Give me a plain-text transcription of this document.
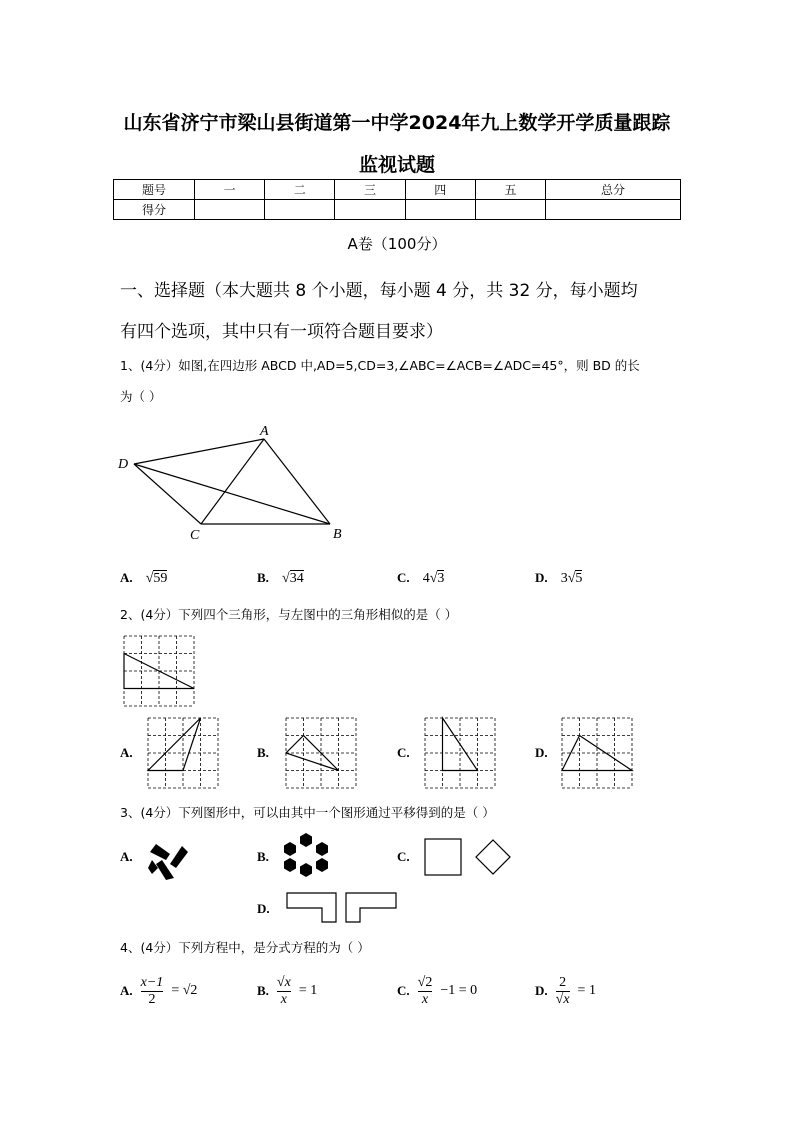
山东省济宁市梁山县街道第一中学2024年九上数学开学质量跟踪
监视试题
题号	一	二	三	四	五	总分
得分						
A卷（100分）
一、选择题（本大题共 8 个小题，每小题 4 分，共 32 分，每小题均
有四个选项，其中只有一项符合题目要求）
1、(4分）如图,在四边形 ABCD 中,AD=5,CD=3,∠ABC=∠ACB=∠ADC=45°，则 BD 的长
为（ ）
A
B
C
D
A. √59	B. √34	C. 4√3	D. 3√5
2、(4分）下列四个三角形，与左图中的三角形相似的是（ ）
A.	B.	C.	D.
3、(4分）下列图形中，可以由其中一个图形通过平移得到的是（ ）
A.	B.	C.
D.
4、(4分）下列方程中，是分式方程的为（ ）
A. $\frac{x-1}{2} = √2$	B. $\frac{√x}{x} = 1$	C. $\frac{√2}{x} -1 = 0$	D. $\frac{2}{√x} = 1$
